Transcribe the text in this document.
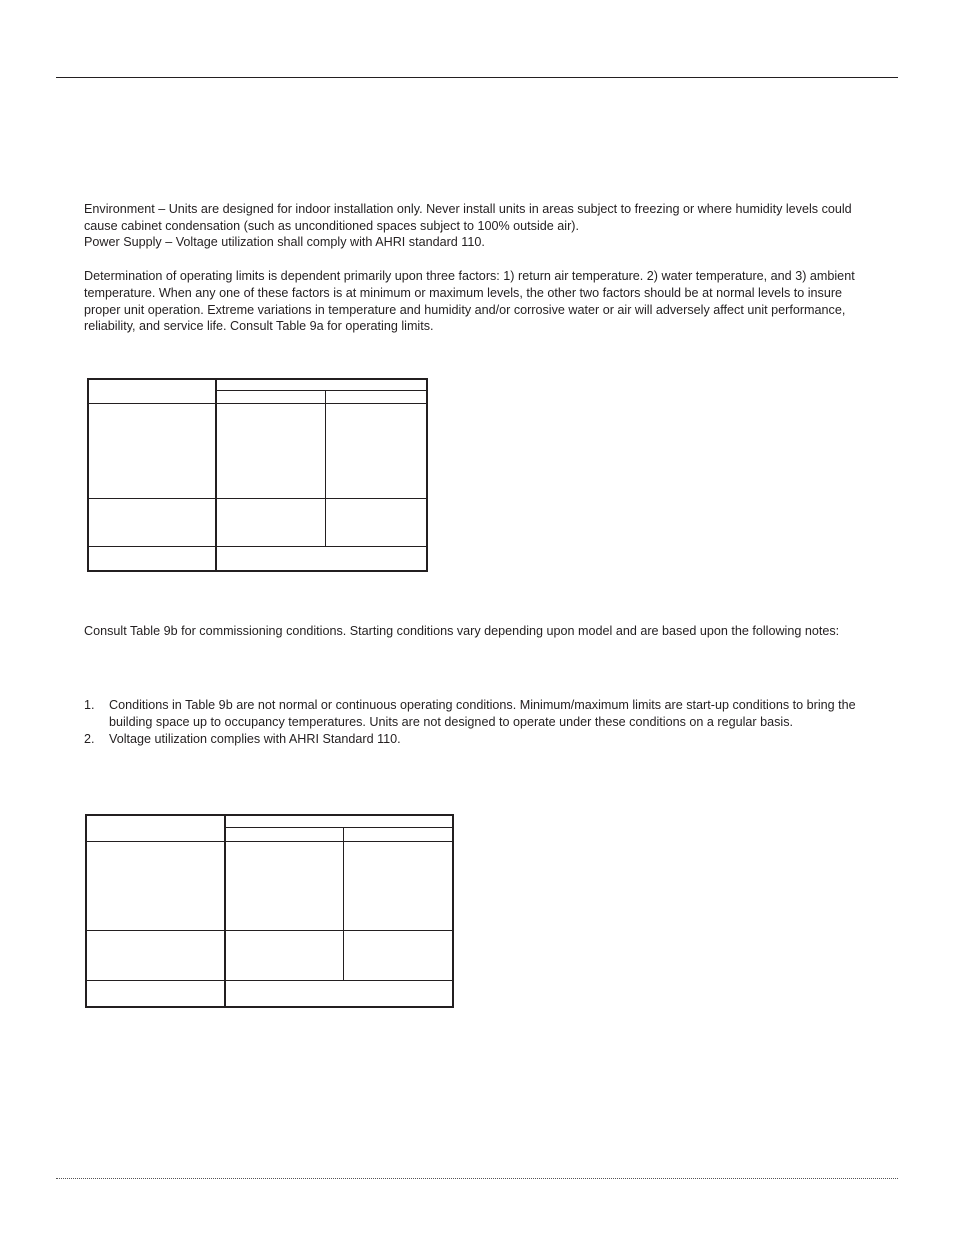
Environment – Units are designed for indoor installation only. Never install units in areas subject to freezing or where humidity levels could cause cabinet condensation (such as unconditioned spaces subject to 100% outside air).

Power Supply – Voltage utilization shall comply with AHRI standard 110.

Determination of operating limits is dependent primarily upon three factors: 1) return air temperature. 2) water temperature, and 3) ambient temperature. When any one of these factors is at minimum or maximum levels, the other two factors should be at normal levels to insure proper unit operation. Extreme variations in temperature and humidity and/or corrosive water or air will adversely affect unit performance, reliability, and service life. Consult Table 9a for operating limits.

Consult Table 9b for commissioning conditions. Starting conditions vary depending upon model and are based upon the following notes:

1. Conditions in Table 9b are not normal or continuous operating conditions. Minimum/maximum limits are start-up conditions to bring the building space up to occupancy temperatures. Units are not designed to operate under these conditions on a regular basis.
2. Voltage utilization complies with AHRI Standard 110.
